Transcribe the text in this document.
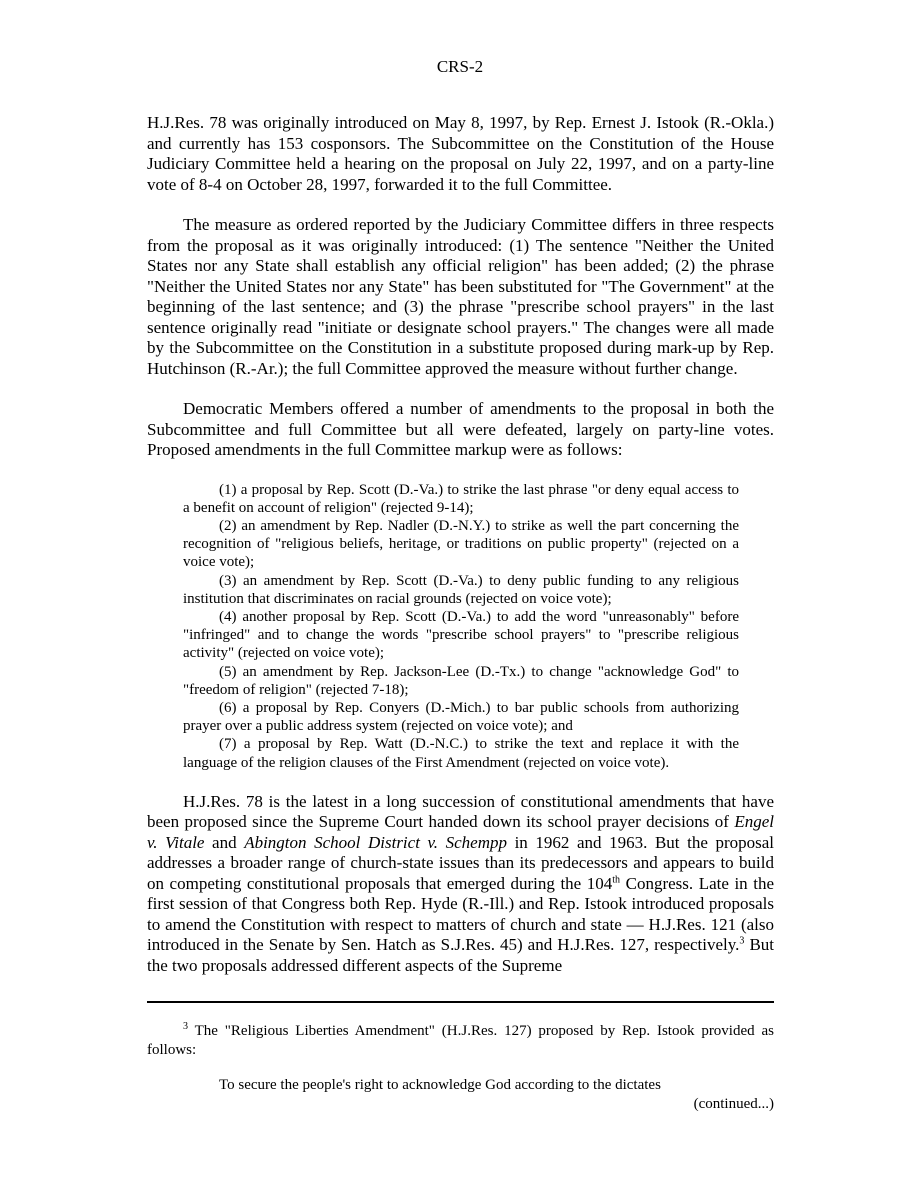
CRS-2

H.J.Res. 78 was originally introduced on May 8, 1997, by Rep. Ernest J. Istook (R.-Okla.) and currently has 153 cosponsors. The Subcommittee on the Constitution of the House Judiciary Committee held a hearing on the proposal on July 22, 1997, and on a party-line vote of 8-4 on October 28, 1997, forwarded it to the full Committee.

The measure as ordered reported by the Judiciary Committee differs in three respects from the proposal as it was originally introduced: (1) The sentence "Neither the United States nor any State shall establish any official religion" has been added; (2) the phrase "Neither the United States nor any State" has been substituted for "The Government" at the beginning of the last sentence; and (3) the phrase "prescribe school prayers" in the last sentence originally read "initiate or designate school prayers." The changes were all made by the Subcommittee on the Constitution in a substitute proposed during mark-up by Rep. Hutchinson (R.-Ar.); the full Committee approved the measure without further change.

Democratic Members offered a number of amendments to the proposal in both the Subcommittee and full Committee but all were defeated, largely on party-line votes. Proposed amendments in the full Committee markup were as follows:

(1) a proposal by Rep. Scott (D.-Va.) to strike the last phrase "or deny equal access to a benefit on account of religion" (rejected 9-14);

(2) an amendment by Rep. Nadler (D.-N.Y.) to strike as well the part concerning the recognition of "religious beliefs, heritage, or traditions on public property" (rejected on a voice vote);

(3) an amendment by Rep. Scott (D.-Va.) to deny public funding to any religious institution that discriminates on racial grounds (rejected on voice vote);

(4) another proposal by Rep. Scott (D.-Va.) to add the word "unreasonably" before "infringed" and to change the words "prescribe school prayers" to "prescribe religious activity" (rejected on voice vote);

(5) an amendment by Rep. Jackson-Lee (D.-Tx.) to change "acknowledge God" to "freedom of religion" (rejected 7-18);

(6) a proposal by Rep. Conyers (D.-Mich.) to bar public schools from authorizing prayer over a public address system (rejected on voice vote); and

(7) a proposal by Rep. Watt (D.-N.C.) to strike the text and replace it with the language of the religion clauses of the First Amendment (rejected on voice vote).

H.J.Res. 78 is the latest in a long succession of constitutional amendments that have been proposed since the Supreme Court handed down its school prayer decisions of Engel v. Vitale and Abington School District v. Schempp in 1962 and 1963. But the proposal addresses a broader range of church-state issues than its predecessors and appears to build on competing constitutional proposals that emerged during the 104th Congress. Late in the first session of that Congress both Rep. Hyde (R.-Ill.) and Rep. Istook introduced proposals to amend the Constitution with respect to matters of church and state — H.J.Res. 121 (also introduced in the Senate by Sen. Hatch as S.J.Res. 45) and H.J.Res. 127, respectively.$^3$ But the two proposals addressed different aspects of the Supreme

$^3$ The "Religious Liberties Amendment" (H.J.Res. 127) proposed by Rep. Istook provided as follows:

To secure the people's right to acknowledge God according to the dictates

(continued...)
